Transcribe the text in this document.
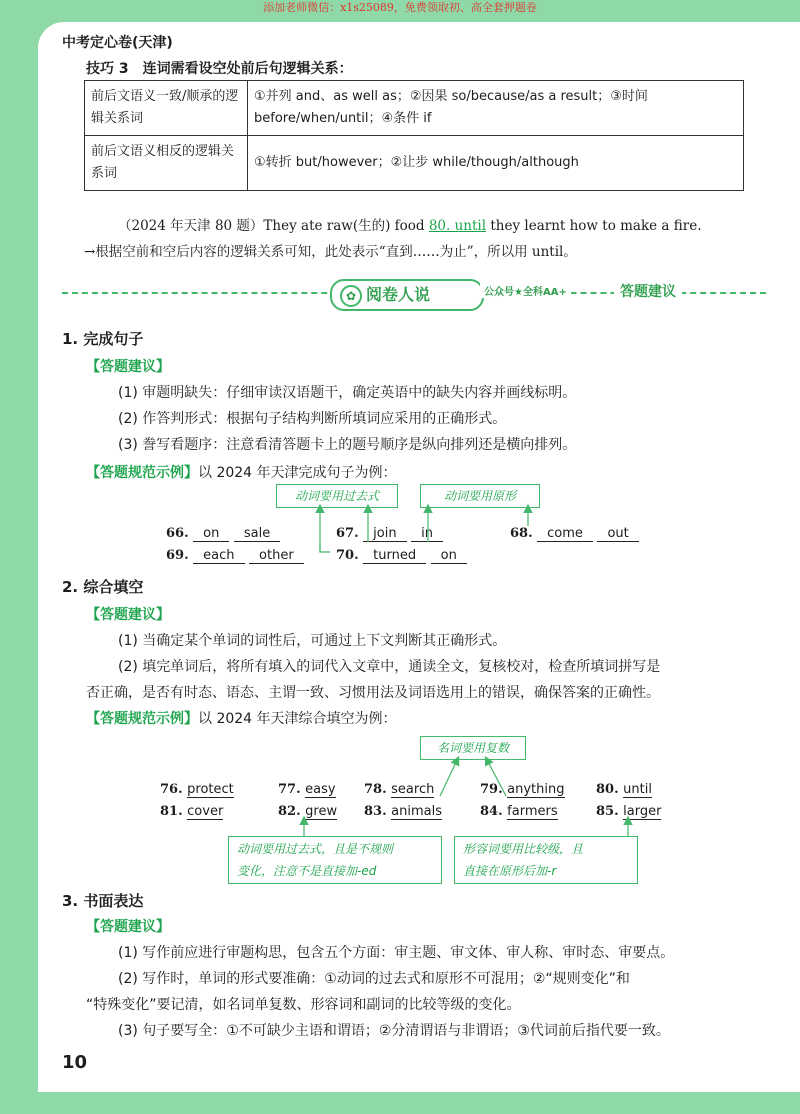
添加老师微信：x1s25089，免费领取初、高全套押题卷
中考定心卷(天津)
技巧 3　连词需看设空处前后句逻辑关系：
前后文语义一致/顺承的逻辑关系词	①并列 and、as well as；②因果 so/because/as a result；③时间 before/when/until；④条件 if
前后文语义相反的逻辑关系词	①转折 but/however；②让步 while/though/although
（2024 年天津 80 题）They ate raw(生的) food 80. until they learnt how to make a fire.
→根据空前和空后内容的逻辑关系可知，此处表示“直到……为止”，所以用 until。
✿ 阅卷人说	公众号★全科AA+	答题建议
1. 完成句子
【答题建议】
(1) 审题明缺失：仔细审读汉语题干，确定英语中的缺失内容并画线标明。
(2) 作答判形式：根据句子结构判断所填词应采用的正确形式。
(3) 誊写看题序：注意看清答题卡上的题号顺序是纵向排列还是横向排列。
【答题规范示例】以 2024 年天津完成句子为例：
动词要用过去式	动词要用原形
66. on sale	67. join in	68. come out
69. each other	70. turned on
2. 综合填空
【答题建议】
(1) 当确定某个单词的词性后，可通过上下文判断其正确形式。
(2) 填完单词后，将所有填入的词代入文章中，通读全文，复核校对，检查所填词拼写是
否正确，是否有时态、语态、主谓一致、习惯用法及词语选用上的错误，确保答案的正确性。
【答题规范示例】以 2024 年天津综合填空为例：
名词要用复数
76. protect	77. easy 78. search	79. anything 80. until
81. cover	82. grew 83. animals	84. farmers	85. larger
动词要用过去式，且是不规则
变化，注意不是直接加-ed
形容词要用比较级，且
直接在原形后加-r
3. 书面表达
【答题建议】
(1) 写作前应进行审题构思，包含五个方面：审主题、审文体、审人称、审时态、审要点。
(2) 写作时，单词的形式要准确：①动词的过去式和原形不可混用；②“规则变化”和
“特殊变化”要记清，如名词单复数、形容词和副词的比较等级的变化。
(3) 句子要写全：①不可缺少主语和谓语；②分清谓语与非谓语；③代词前后指代要一致。
10
